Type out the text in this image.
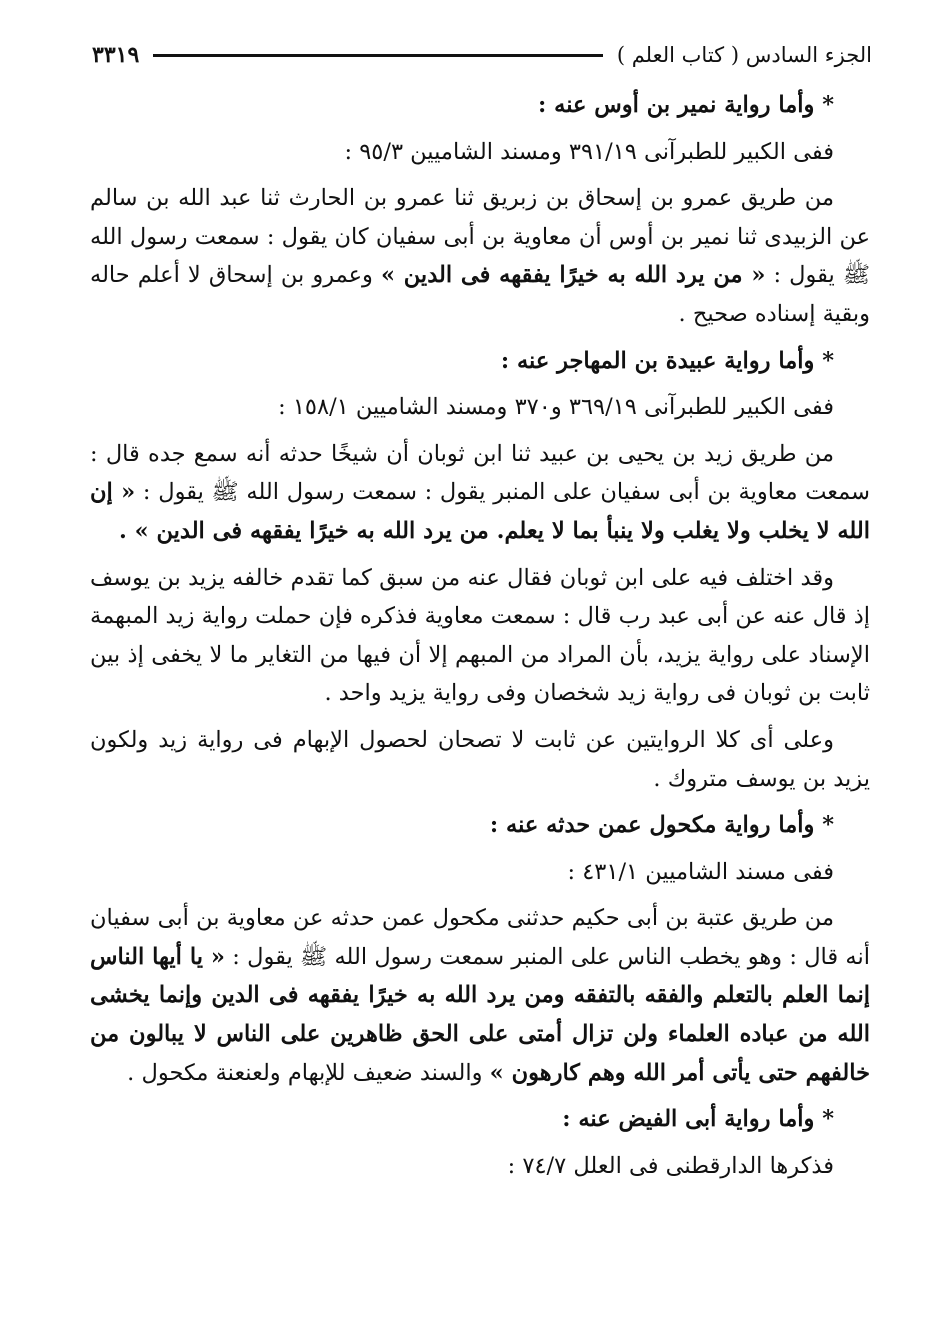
الجزء السادس ( كتاب العلم )
٣٣١٩

* وأما رواية نمير بن أوس عنه :

ففى الكبير للطبرآنى ٣٩١/١٩ ومسند الشاميين ٩٥/٣ :

من طريق عمرو بن إسحاق بن زبريق ثنا عمرو بن الحارث ثنا عبد الله بن سالم عن الزبيدى ثنا نمير بن أوس أن معاوية بن أبى سفيان كان يقول : سمعت رسول الله ﷺ يقول : « من يرد الله به خيرًا يفقهه فى الدين » وعمرو بن إسحاق لا أعلم حاله وبقية إسناده صحيح .

* وأما رواية عبيدة بن المهاجر عنه :

ففى الكبير للطبرآنى ٣٦٩/١٩ و٣٧٠ ومسند الشاميين ١٥٨/١ :

من طريق زيد بن يحيى بن عبيد ثنا ابن ثوبان أن شيخًا حدثه أنه سمع جده قال : سمعت معاوية بن أبى سفيان على المنبر يقول : سمعت رسول الله ﷺ يقول : « إن الله لا يخلب ولا يغلب ولا ينبأ بما لا يعلم. من يرد الله به خيرًا يفقهه فى الدين » .

وقد اختلف فيه على ابن ثوبان فقال عنه من سبق كما تقدم خالفه يزيد بن يوسف إذ قال عنه عن أبى عبد رب قال : سمعت معاوية فذكره فإن حملت رواية زيد المبهمة الإسناد على رواية يزيد، بأن المراد من المبهم إلا أن فيها من التغاير ما لا يخفى إذ بين ثابت بن ثوبان فى رواية زيد شخصان وفى رواية يزيد واحد .

وعلى أى كلا الروايتين عن ثابت لا تصحان لحصول الإبهام فى رواية زيد ولكون يزيد بن يوسف متروك .

* وأما رواية مكحول عمن حدثه عنه :

ففى مسند الشاميين ٤٣١/١ :

من طريق عتبة بن أبى حكيم حدثنى مكحول عمن حدثه عن معاوية بن أبى سفيان أنه قال : وهو يخطب الناس على المنبر سمعت رسول الله ﷺ يقول : « يا أيها الناس إنما العلم بالتعلم والفقه بالتفقه ومن يرد الله به خيرًا يفقهه فى الدين وإنما يخشى الله من عباده العلماء ولن تزال أمتى على الحق ظاهرين على الناس لا يبالون من خالفهم حتى يأتى أمر الله وهم كارهون » والسند ضعيف للإبهام ولعنعنة مكحول .

* وأما رواية أبى الفيض عنه :

فذكرها الدارقطنى فى العلل ٧٤/٧ :
